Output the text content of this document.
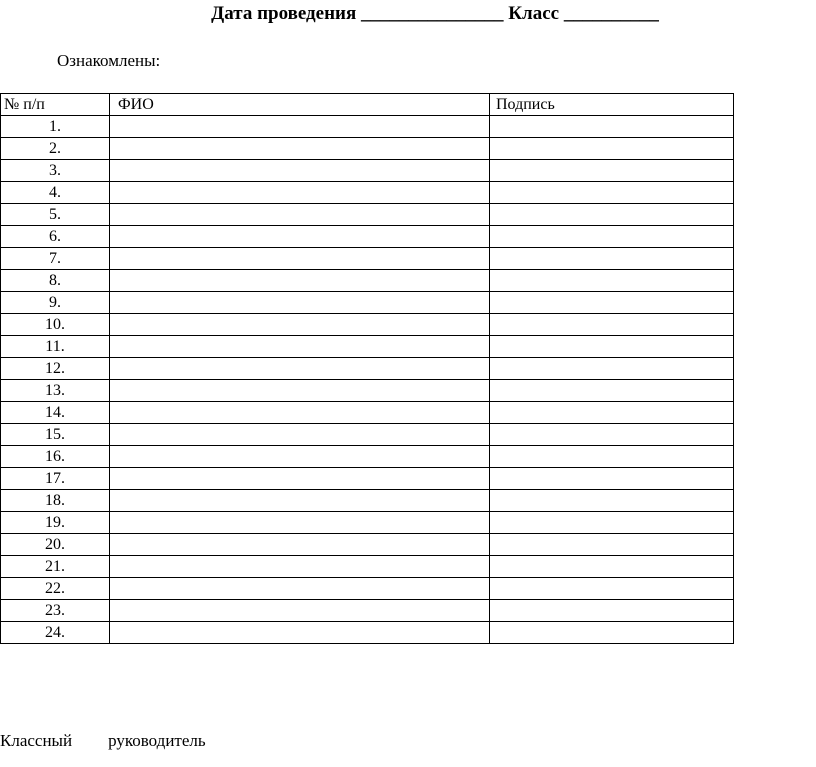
Дата проведения _______________ Класс __________
Ознакомлены:
№ п/п	ФИО	Подпись
1.		
2.		
3.		
4.		
5.		
6.		
7.		
8.		
9.		
10.		
11.		
12.		
13.		
14.		
15.		
16.		
17.		
18.		
19.		
20.		
21.		
22.		
23.		
24.		
Классный руководитель
